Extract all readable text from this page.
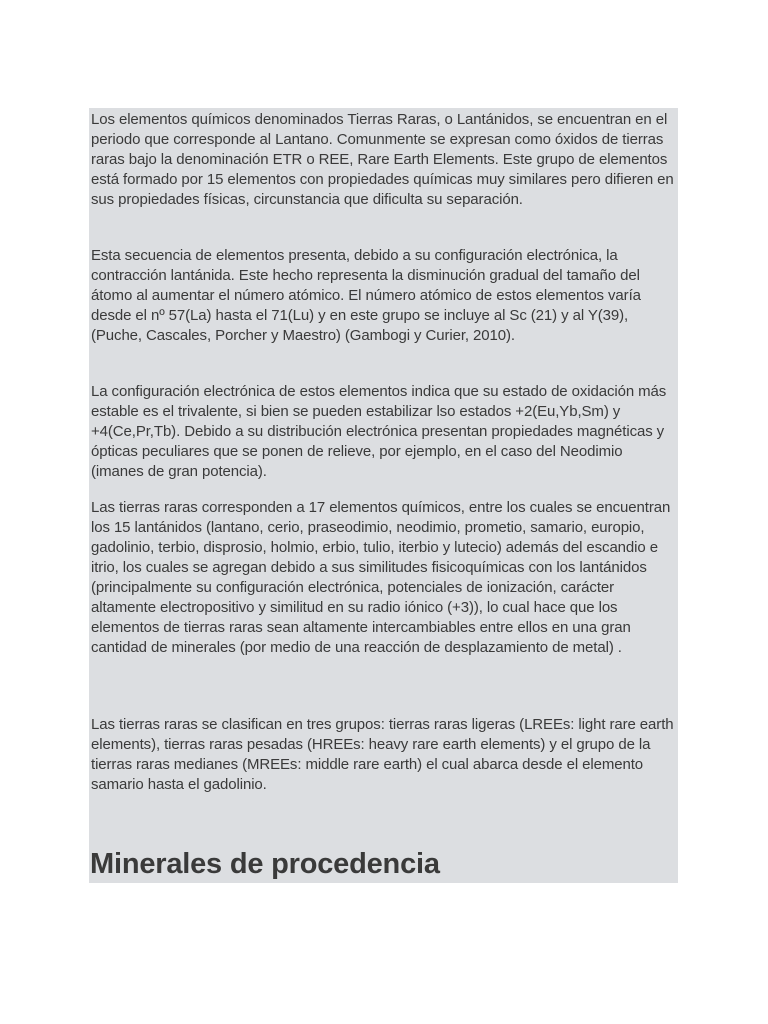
Los elementos químicos denominados Tierras Raras, o Lantánidos, se encuentran en el periodo que corresponde al Lantano. Comunmente se expresan como óxidos de tierras raras bajo la denominación ETR o REE, Rare Earth Elements. Este grupo de elementos está formado por 15 elementos con propiedades químicas muy similares pero difieren en sus propiedades físicas, circunstancia que dificulta su separación.

Esta secuencia de elementos presenta, debido a su configuración electrónica, la contracción lantánida. Este hecho representa la disminución gradual del tamaño del átomo al aumentar el número atómico. El número atómico de estos elementos varía desde el nº 57(La) hasta el 71(Lu) y en este grupo se incluye al Sc (21) y al Y(39),(Puche, Cascales, Porcher y Maestro) (Gambogi y Curier, 2010).

La configuración electrónica de estos elementos indica que su estado de oxidación más estable es el trivalente, si bien se pueden estabilizar lso estados +2(Eu,Yb,Sm) y +4(Ce,Pr,Tb). Debido a su distribución electrónica presentan propiedades magnéticas y ópticas peculiares que se ponen de relieve, por ejemplo, en el caso del Neodimio (imanes de gran potencia).

Las tierras raras corresponden a 17 elementos químicos, entre los cuales se encuentran los 15 lantánidos (lantano, cerio, praseodimio, neodimio, prometio, samario, europio, gadolinio, terbio, disprosio, holmio, erbio, tulio, iterbio y lutecio) además del escandio e itrio, los cuales se agregan debido a sus similitudes fisicoquímicas con los lantánidos (principalmente su configuración electrónica, potenciales de ionización, carácter altamente electropositivo y similitud en su radio iónico (+3)), lo cual hace que los elementos de tierras raras sean altamente intercambiables entre ellos en una gran cantidad de minerales (por medio de una reacción de desplazamiento de metal) .

Las tierras raras se clasifican en tres grupos: tierras raras ligeras (LREEs: light rare earth elements), tierras raras pesadas (HREEs: heavy rare earth elements) y el grupo de la tierras raras medianes (MREEs: middle rare earth) el cual abarca desde el elemento samario hasta el gadolinio.

Minerales de procedencia
